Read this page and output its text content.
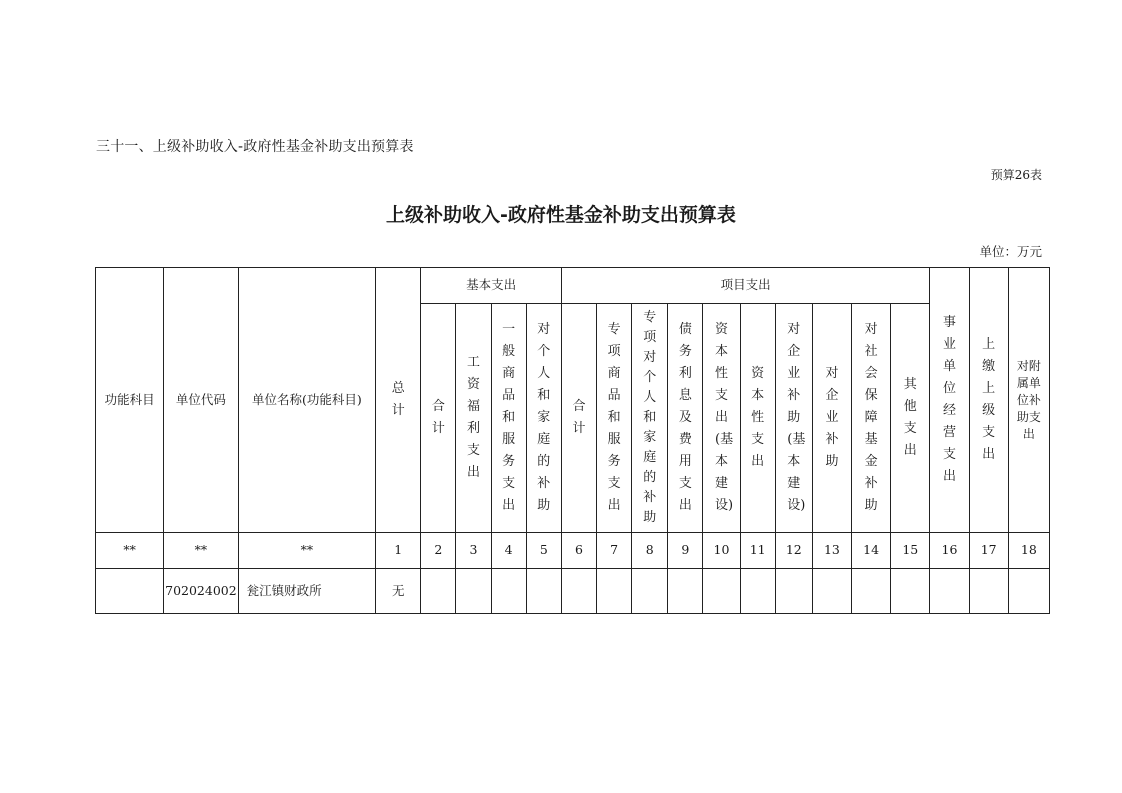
三十一、上级补助收入-政府性基金补助支出预算表
预算26表
上级补助收入-政府性基金补助支出预算表
单位：万元
功能科目	单位代码	单位名称(功能科目)	总计	基本支出				项目支出										事业单位经营支出	上缴上级支出	对附属单位补助支出

				合计	工资福利支出	一般商品和服务支出	对个人和家庭的补助	合计	专项商品和服务支出	专项对个人和家庭的补助	债务利息及费用支出	资本性支出(基本建设)	资本性支出	对企业补助(基本建设)	对企业补助	对社会保障基金补助	其他支出			

**	**	**	1	2	3	4	5	6	7	8	9	10	11	12	13	14	15	16	17	18
	702024002	瓮江镇财政所	无																	
